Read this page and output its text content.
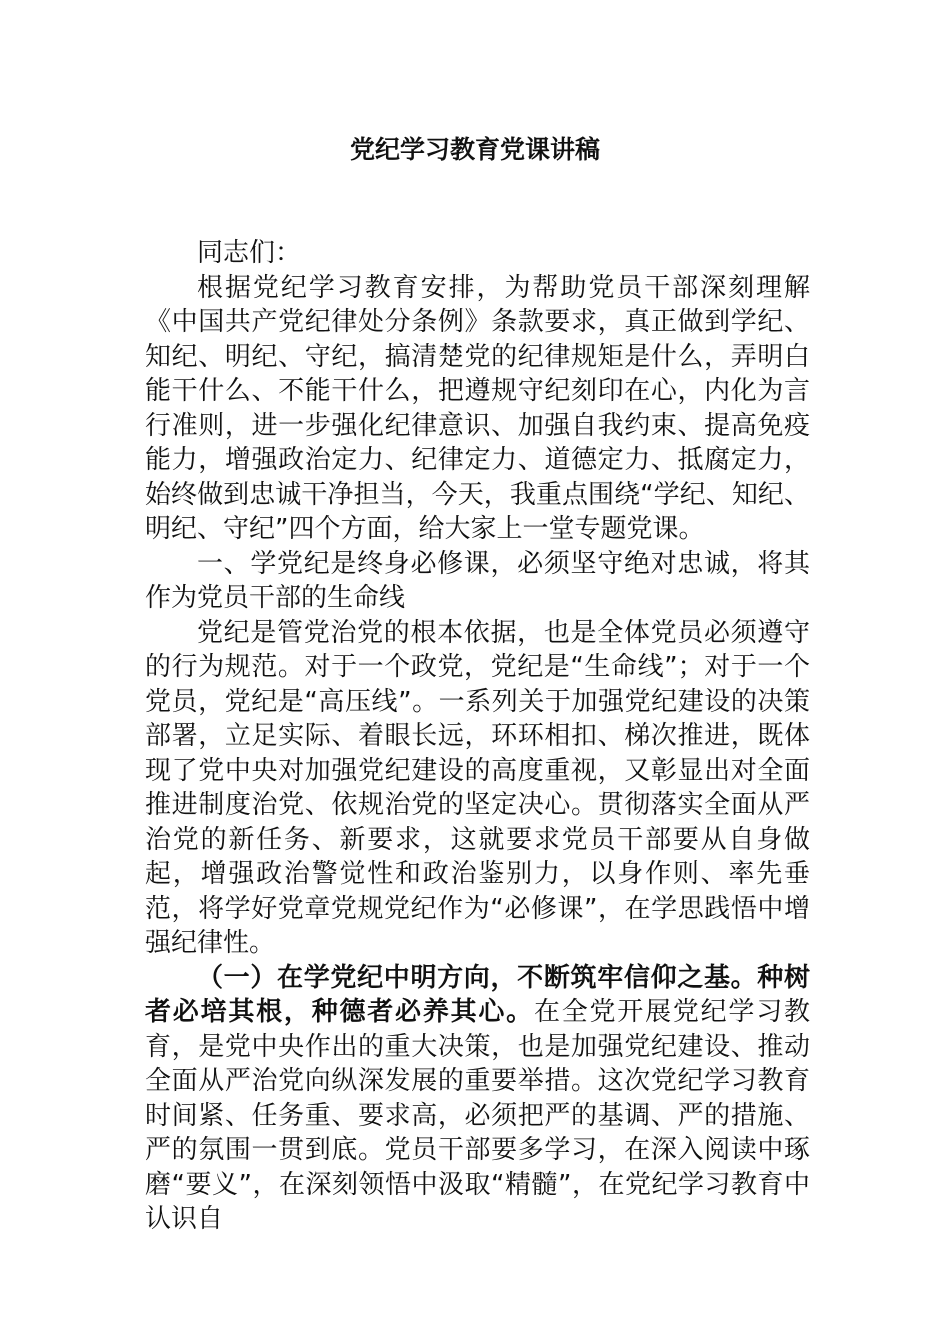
党纪学习教育党课讲稿

同志们：

根据党纪学习教育安排，为帮助党员干部深刻理解《中国共产党纪律处分条例》条款要求，真正做到学纪、知纪、明纪、守纪，搞清楚党的纪律规矩是什么，弄明白能干什么、不能干什么，把遵规守纪刻印在心，内化为言行准则，进一步强化纪律意识、加强自我约束、提高免疫能力，增强政治定力、纪律定力、道德定力、抵腐定力，始终做到忠诚干净担当，今天，我重点围绕“学纪、知纪、明纪、守纪”四个方面，给大家上一堂专题党课。

一、学党纪是终身必修课，必须坚守绝对忠诚，将其作为党员干部的生命线

党纪是管党治党的根本依据，也是全体党员必须遵守的行为规范。对于一个政党，党纪是“生命线”；对于一个党员，党纪是“高压线”。一系列关于加强党纪建设的决策部署，立足实际、着眼长远，环环相扣、梯次推进，既体现了党中央对加强党纪建设的高度重视，又彰显出对全面推进制度治党、依规治党的坚定决心。贯彻落实全面从严治党的新任务、新要求，这就要求党员干部要从自身做起，增强政治警觉性和政治鉴别力，以身作则、率先垂范，将学好党章党规党纪作为“必修课”，在学思践悟中增强纪律性。

（一）在学党纪中明方向，不断筑牢信仰之基。种树者必培其根，种德者必养其心。在全党开展党纪学习教育，是党中央作出的重大决策，也是加强党纪建设、推动全面从严治党向纵深发展的重要举措。这次党纪学习教育时间紧、任务重、要求高，必须把严的基调、严的措施、严的氛围一贯到底。党员干部要多学习，在深入阅读中琢磨“要义”，在深刻领悟中汲取“精髓”，在党纪学习教育中认识自
